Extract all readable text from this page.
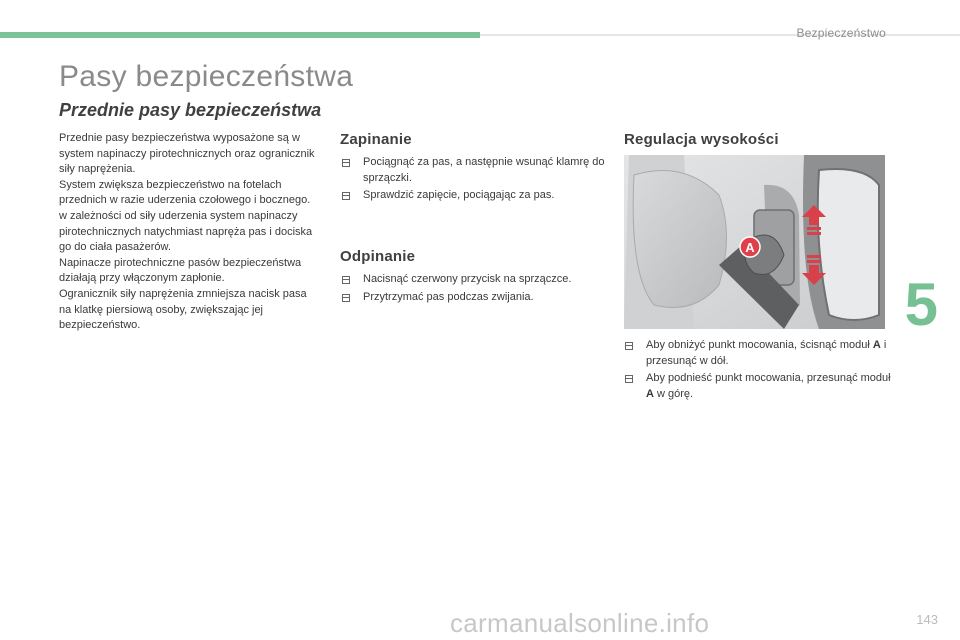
Bezpieczeństwo
Pasy bezpieczeństwa
Przednie pasy bezpieczeństwa
Przednie pasy bezpieczeństwa wyposażone są w system napinaczy pirotechnicznych oraz ogranicznik siły naprężenia.
System zwiększa bezpieczeństwo na fotelach przednich w razie uderzenia czołowego i bocznego. w zależności od siły uderzenia system napinaczy pirotechnicznych natychmiast napręża pas i dociska go do ciała pasażerów.
Napinacze pirotechniczne pasów bezpieczeństwa działają przy włączonym zapłonie.
Ogranicznik siły naprężenia zmniejsza nacisk pasa na klatkę piersiową osoby, zwiększając jej bezpieczeństwo.
Zapinanie
Pociągnąć za pas, a następnie wsunąć klamrę do sprzączki.
Sprawdzić zapięcie, pociągając za pas.
Odpinanie
Nacisnąć czerwony przycisk na sprzączce.
Przytrzymać pas podczas zwijania.
Regulacja wysokości
A
Aby obniżyć punkt mocowania, ścisnąć moduł A i przesunąć w dół.
Aby podnieść punkt mocowania, przesunąć moduł A w górę.
5
143
carmanualsonline.info
